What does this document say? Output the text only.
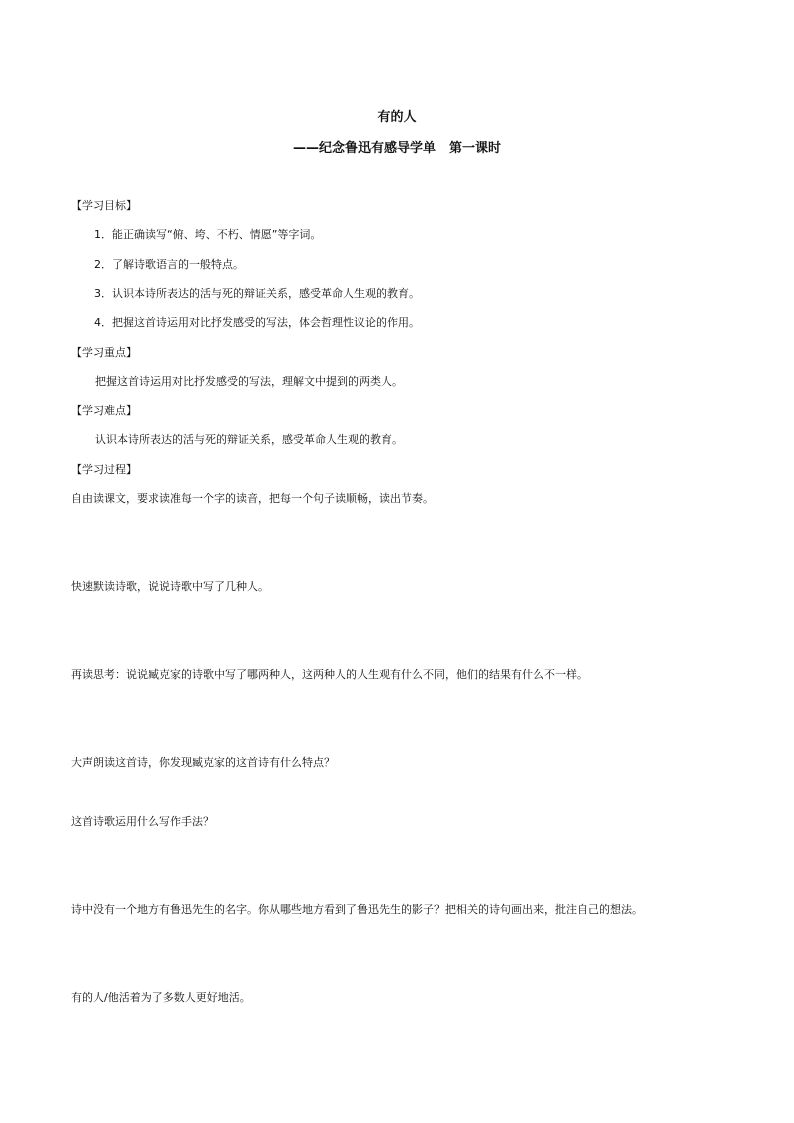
有的人
——纪念鲁迅有感导学单　第一课时
【学习目标】
1．能正确读写“俯、垮、不朽、情愿”等字词。
2．了解诗歌语言的一般特点。
3．认识本诗所表达的活与死的辩证关系，感受革命人生观的教育。
4．把握这首诗运用对比抒发感受的写法，体会哲理性议论的作用。
【学习重点】
把握这首诗运用对比抒发感受的写法，理解文中提到的两类人。
【学习难点】
认识本诗所表达的活与死的辩证关系，感受革命人生观的教育。
【学习过程】
自由读课文，要求读准每一个字的读音，把每一个句子读顺畅，读出节奏。
快速默读诗歌，说说诗歌中写了几种人。
再读思考：说说臧克家的诗歌中写了哪两种人，这两种人的人生观有什么不同，他们的结果有什么不一样。
大声朗读这首诗，你发现臧克家的这首诗有什么特点？
这首诗歌运用什么写作手法？
诗中没有一个地方有鲁迅先生的名字。你从哪些地方看到了鲁迅先生的影子？把相关的诗句画出来，批注自己的想法。
有的人/他活着为了多数人更好地活。
